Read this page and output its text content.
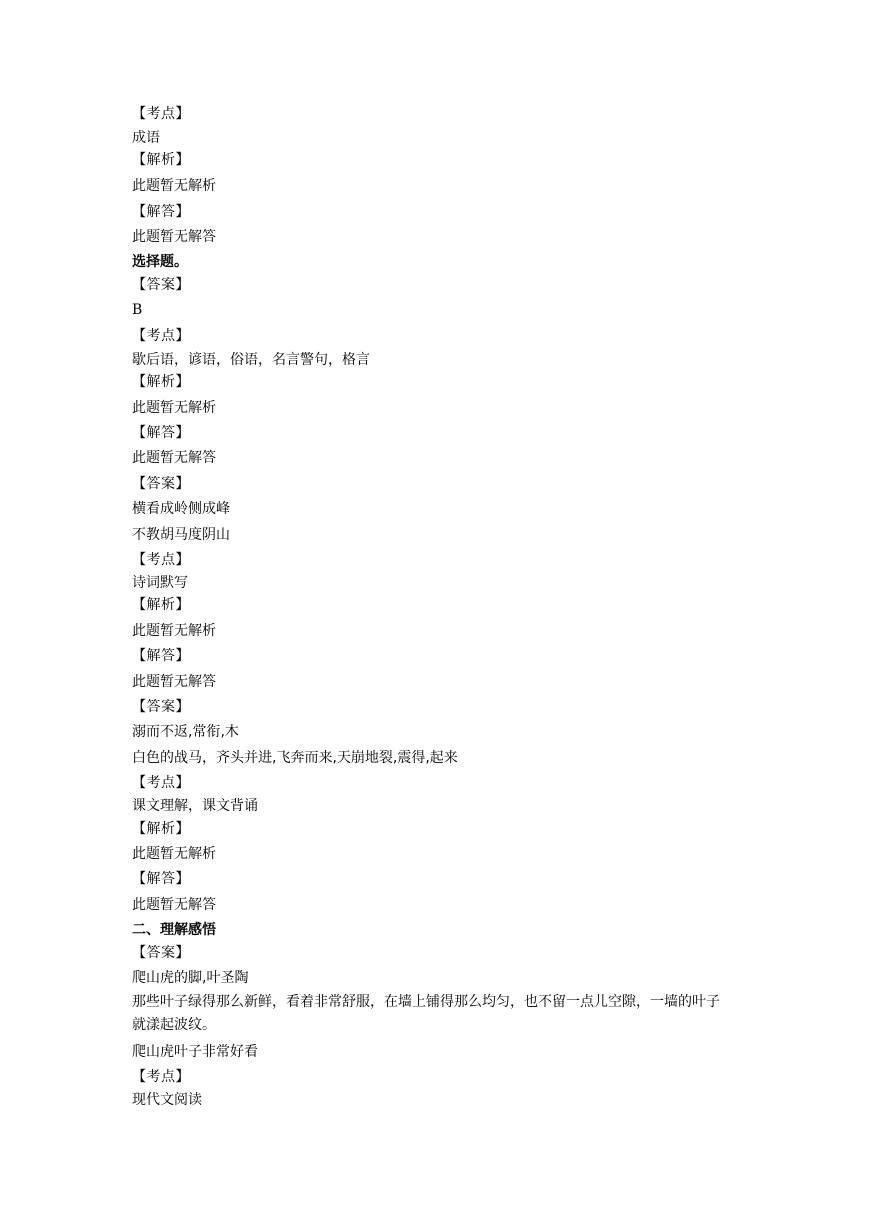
【考点】
成语
【解析】
此题暂无解析
【解答】
此题暂无解答
选择题。
【答案】
B
【考点】
歇后语，谚语，俗语，名言警句，格言
【解析】
此题暂无解析
【解答】
此题暂无解答
【答案】
横看成岭侧成峰
不教胡马度阴山
【考点】
诗词默写
【解析】
此题暂无解析
【解答】
此题暂无解答
【答案】
溺而不返,常衔,木
白色的战马，齐头并进,飞奔而来,天崩地裂,震得,起来
【考点】
课文理解，课文背诵
【解析】
此题暂无解析
【解答】
此题暂无解答
二、理解感悟
【答案】
爬山虎的脚,叶圣陶
那些叶子绿得那么新鲜，看着非常舒服，在墙上铺得那么均匀，也不留一点儿空隙，一墙的叶子就漾起波纹。
爬山虎叶子非常好看
【考点】
现代文阅读
